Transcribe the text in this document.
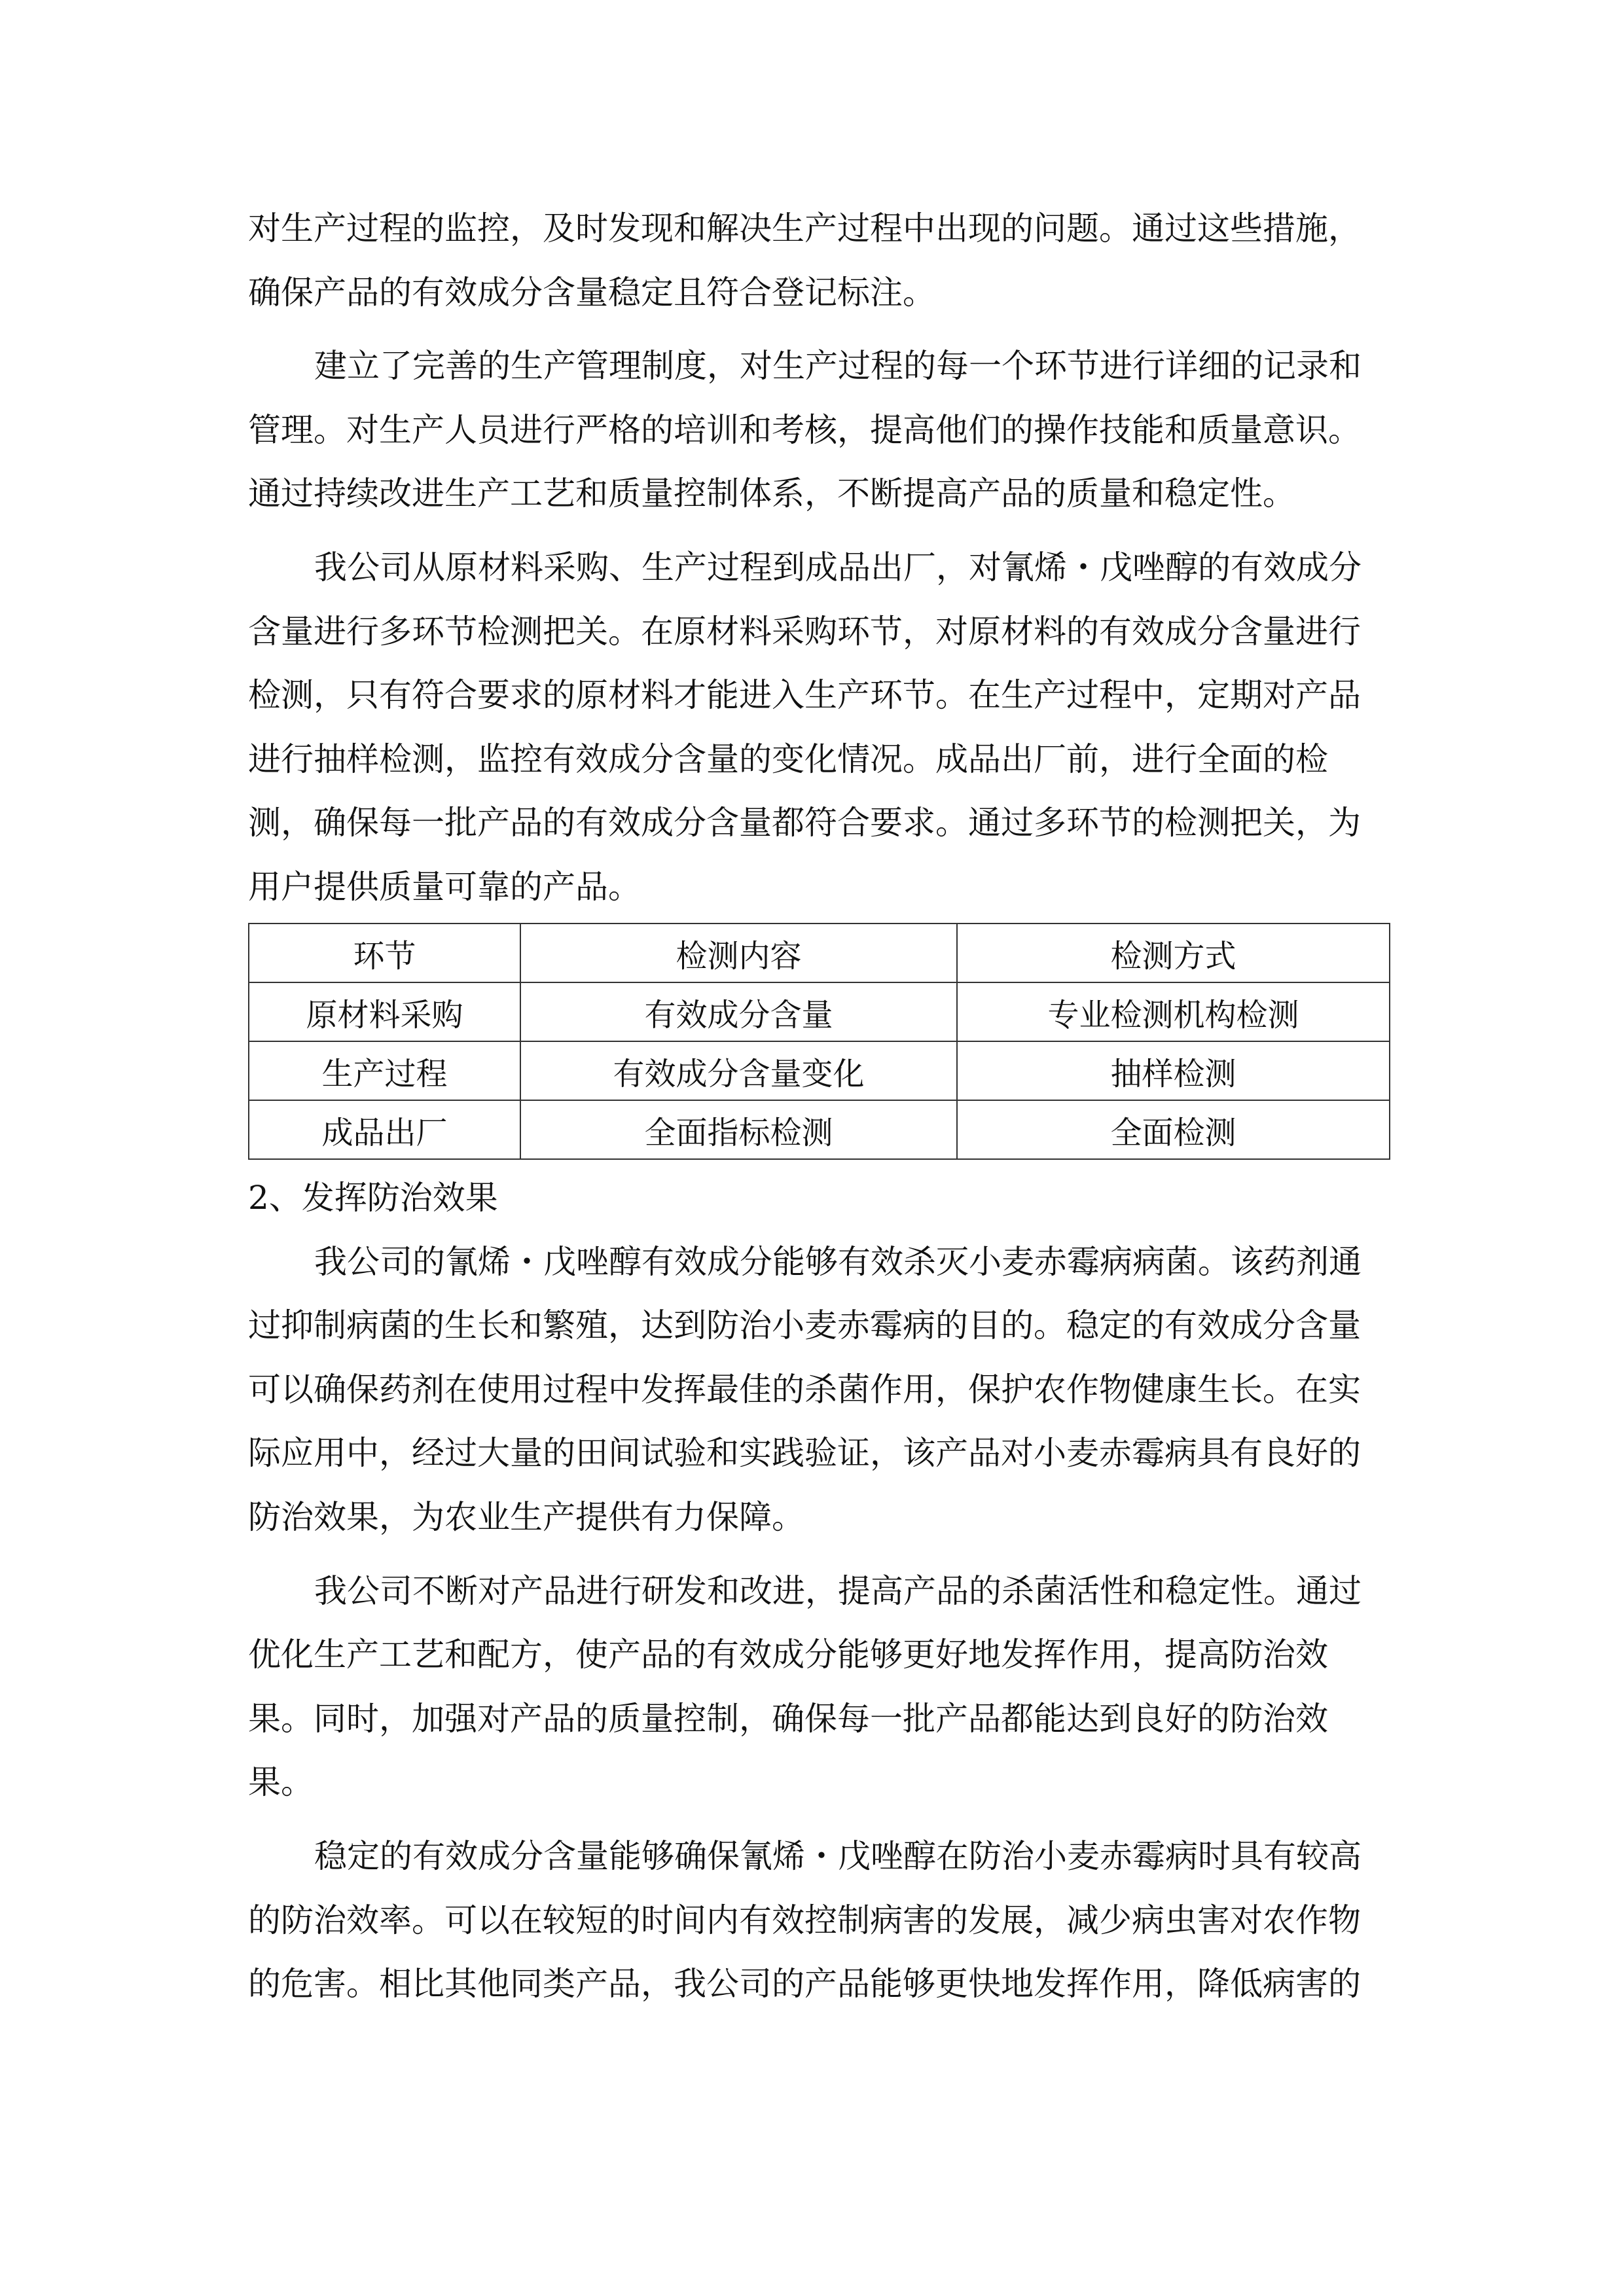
对生产过程的监控，及时发现和解决生产过程中出现的问题。通过这些措施，
确保产品的有效成分含量稳定且符合登记标注。
建立了完善的生产管理制度，对生产过程的每一个环节进行详细的记录和
管理。对生产人员进行严格的培训和考核，提高他们的操作技能和质量意识。
通过持续改进生产工艺和质量控制体系，不断提高产品的质量和稳定性。
我公司从原材料采购、生产过程到成品出厂，对氰烯・戊唑醇的有效成分
含量进行多环节检测把关。在原材料采购环节，对原材料的有效成分含量进行
检测，只有符合要求的原材料才能进入生产环节。在生产过程中，定期对产品
进行抽样检测，监控有效成分含量的变化情况。成品出厂前，进行全面的检
测，确保每一批产品的有效成分含量都符合要求。通过多环节的检测把关，为
用户提供质量可靠的产品。
环节	检测内容	检测方式
原材料采购	有效成分含量	专业检测机构检测
生产过程	有效成分含量变化	抽样检测
成品出厂	全面指标检测	全面检测
2、发挥防治效果
我公司的氰烯・戊唑醇有效成分能够有效杀灭小麦赤霉病病菌。该药剂通
过抑制病菌的生长和繁殖，达到防治小麦赤霉病的目的。稳定的有效成分含量
可以确保药剂在使用过程中发挥最佳的杀菌作用，保护农作物健康生长。在实
际应用中，经过大量的田间试验和实践验证，该产品对小麦赤霉病具有良好的
防治效果，为农业生产提供有力保障。
我公司不断对产品进行研发和改进，提高产品的杀菌活性和稳定性。通过
优化生产工艺和配方，使产品的有效成分能够更好地发挥作用，提高防治效
果。同时，加强对产品的质量控制，确保每一批产品都能达到良好的防治效
果。
稳定的有效成分含量能够确保氰烯・戊唑醇在防治小麦赤霉病时具有较高
的防治效率。可以在较短的时间内有效控制病害的发展，减少病虫害对农作物
的危害。相比其他同类产品，我公司的产品能够更快地发挥作用，降低病害的
